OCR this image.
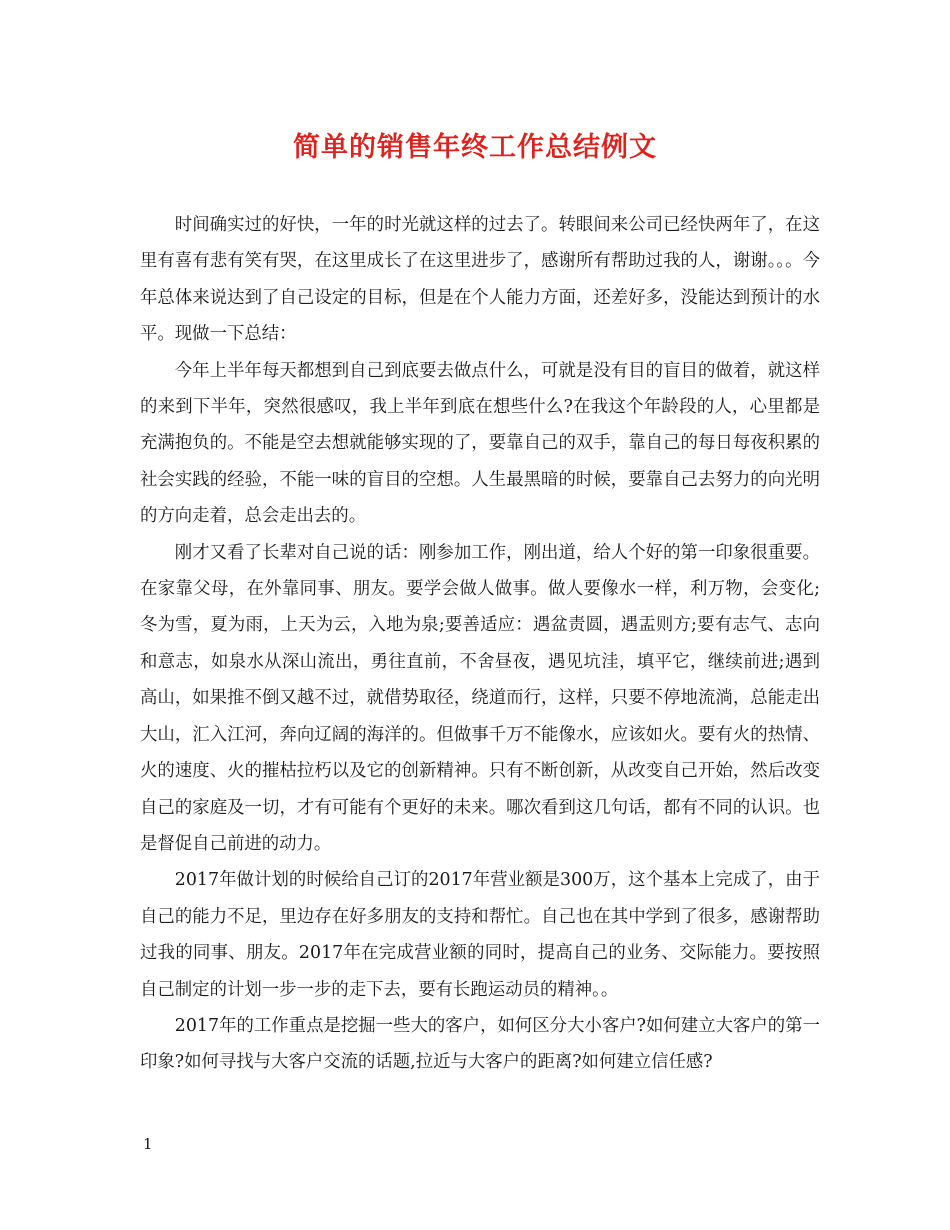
简单的销售年终工作总结例文

时间确实过的好快，一年的时光就这样的过去了。转眼间来公司已经快两年了，在这里有喜有悲有笑有哭，在这里成长了在这里进步了，感谢所有帮助过我的人，谢谢。。。今年总体来说达到了自己设定的目标，但是在个人能力方面，还差好多，没能达到预计的水平。现做一下总结：

今年上半年每天都想到自己到底要去做点什么，可就是没有目的盲目的做着，就这样的来到下半年，突然很感叹，我上半年到底在想些什么?在我这个年龄段的人，心里都是充满抱负的。不能是空去想就能够实现的了，要靠自己的双手，靠自己的每日每夜积累的社会实践的经验，不能一味的盲目的空想。人生最黑暗的时候，要靠自己去努力的向光明的方向走着，总会走出去的。

刚才又看了长辈对自己说的话：刚参加工作，刚出道，给人个好的第一印象很重要。在家靠父母，在外靠同事、朋友。要学会做人做事。做人要像水一样，利万物，会变化;冬为雪，夏为雨，上天为云，入地为泉;要善适应：遇盆责圆，遇盂则方;要有志气、志向和意志，如泉水从深山流出，勇往直前，不舍昼夜，遇见坑洼，填平它，继续前进;遇到高山，如果推不倒又越不过，就借势取径，绕道而行，这样，只要不停地流淌，总能走出大山，汇入江河，奔向辽阔的海洋的。但做事千万不能像水，应该如火。要有火的热情、火的速度、火的摧枯拉朽以及它的创新精神。只有不断创新，从改变自己开始，然后改变自己的家庭及一切，才有可能有个更好的未来。哪次看到这几句话，都有不同的认识。也是督促自己前进的动力。

2017年做计划的时候给自己订的2017年营业额是300万，这个基本上完成了，由于自己的能力不足，里边存在好多朋友的支持和帮忙。自己也在其中学到了很多，感谢帮助过我的同事、朋友。2017年在完成营业额的同时，提高自己的业务、交际能力。要按照自己制定的计划一步一步的走下去，要有长跑运动员的精神。。

2017年的工作重点是挖掘一些大的客户，如何区分大小客户?如何建立大客户的第一印象?如何寻找与大客户交流的话题,拉近与大客户的距离?如何建立信任感?

1
